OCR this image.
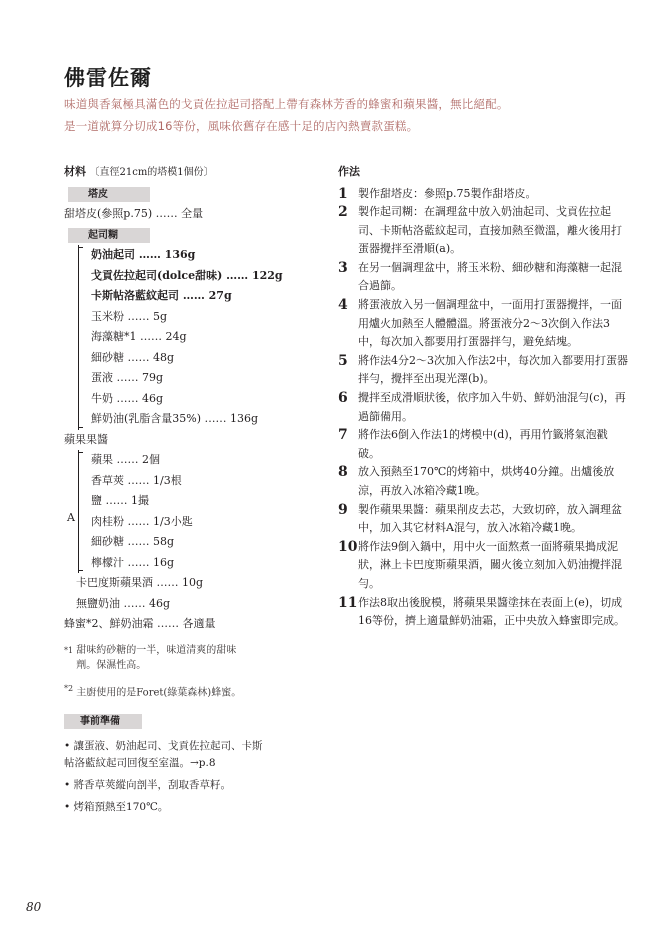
佛雷佐爾
味道與香氣極具滿色的戈貢佐拉起司搭配上帶有森林芳香的蜂蜜和蘋果醬，無比絕配。
是一道就算分切成16等份，風味依舊存在感十足的店內熱賣款蛋糕。
材料 〔直徑21cm的塔模1個份〕
塔皮
甜塔皮(參照p.75) …… 全量
起司糊
奶油起司 …… 136g
戈貢佐拉起司(dolce甜味) …… 122g
卡斯帖洛藍紋起司 …… 27g
玉米粉 …… 5g
海藻糖*1 …… 24g
細砂糖 …… 48g
蛋液 …… 79g
牛奶 …… 46g
鮮奶油(乳脂含量35%) …… 136g
蘋果果醬
A
蘋果 …… 2個
香草莢 …… 1/3根
鹽 …… 1撮
肉桂粉 …… 1/3小匙
細砂糖 …… 58g
檸檬汁 …… 16g
卡巴度斯蘋果酒 …… 10g
無鹽奶油 …… 46g
蜂蜜*2、鮮奶油霜 …… 各適量
$^{*1}$ 甜味約砂糖的一半，味道清爽的甜味劑。保濕性高。
$^{*2}$ 主廚使用的是Foret(綠葉森林)蜂蜜。
事前準備
• 讓蛋液、奶油起司、戈貢佐拉起司、卡斯帖洛藍紋起司回復至室溫。→p.8
• 將香草莢縱向剖半，刮取香草籽。
• 烤箱預熱至170℃。
作法
1 製作甜塔皮：參照p.75製作甜塔皮。
2 製作起司糊：在調理盆中放入奶油起司、戈貢佐拉起司、卡斯帖洛藍紋起司，直接加熱至微溫，離火後用打蛋器攪拌至滑順(a)。
3 在另一個調理盆中，將玉米粉、細砂糖和海藻糖一起混合過篩。
4 將蛋液放入另一個調理盆中，一面用打蛋器攪拌，一面用爐火加熱至人體體溫。將蛋液分2～3次倒入作法3中，每次加入都要用打蛋器拌勻，避免結塊。
5 將作法4分2～3次加入作法2中，每次加入都要用打蛋器拌勻，攪拌至出現光澤(b)。
6 攪拌至成滑順狀後，依序加入牛奶、鮮奶油混勻(c)，再過篩備用。
7 將作法6倒入作法1的烤模中(d)，再用竹籤將氣泡戳破。
8 放入預熱至170℃的烤箱中，烘烤40分鐘。出爐後放涼，再放入冰箱冷藏1晚。
9 製作蘋果果醬：蘋果削皮去芯，大致切碎，放入調理盆中，加入其它材料A混勻，放入冰箱冷藏1晚。
10 將作法9倒入鍋中，用中火一面熬煮一面將蘋果搗成泥狀，淋上卡巴度斯蘋果酒，關火後立刻加入奶油攪拌混勻。
11 作法8取出後脫模，將蘋果果醬塗抹在表面上(e)，切成16等份，擠上適量鮮奶油霜，正中央放入蜂蜜即完成。
80
